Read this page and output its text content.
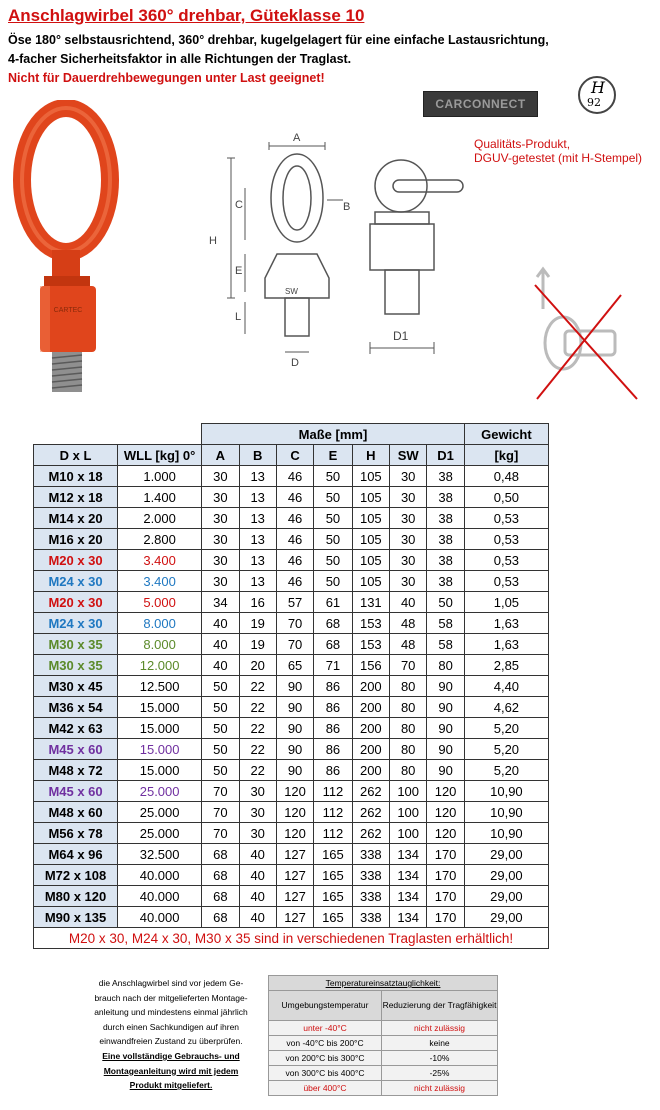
Anschlagwirbel 360° drehbar, Güteklasse 10
Öse 180° selbstausrichtend, 360° drehbar, kugelgelagert für eine einfache Lastausrichtung,
4-facher Sicherheitsfaktor in alle Richtungen der Traglast.
Nicht für Dauerdrehbewegungen unter Last geeignet!
CARCONNECT
H
92
Qualitäts-Produkt,
DGUV-getestet (mit H-Stempel)
CARTEC
A
C	B
H
E
SW
L
D
D1
		Maße [mm]							Gewicht
D x L	WLL [kg] 0°	A	B	C	E	H	SW	D1	[kg]
M10 x 18	1.000	30	13	46	50	105	30	38	0,48
M12 x 18	1.400	30	13	46	50	105	30	38	0,50
M14 x 20	2.000	30	13	46	50	105	30	38	0,53
M16 x 20	2.800	30	13	46	50	105	30	38	0,53
M20 x 30	3.400	30	13	46	50	105	30	38	0,53
M24 x 30	3.400	30	13	46	50	105	30	38	0,53
M20 x 30	5.000	34	16	57	61	131	40	50	1,05
M24 x 30	8.000	40	19	70	68	153	48	58	1,63
M30 x 35	8.000	40	19	70	68	153	48	58	1,63
M30 x 35	12.000	40	20	65	71	156	70	80	2,85
M30 x 45	12.500	50	22	90	86	200	80	90	4,40
M36 x 54	15.000	50	22	90	86	200	80	90	4,62
M42 x 63	15.000	50	22	90	86	200	80	90	5,20
M45 x 60	15.000	50	22	90	86	200	80	90	5,20
M48 x 72	15.000	50	22	90	86	200	80	90	5,20
M45 x 60	25.000	70	30	120	112	262	100	120	10,90
M48 x 60	25.000	70	30	120	112	262	100	120	10,90
M56 x 78	25.000	70	30	120	112	262	100	120	10,90
M64 x 96	32.500	68	40	127	165	338	134	170	29,00
M72 x 108	40.000	68	40	127	165	338	134	170	29,00
M80 x 120	40.000	68	40	127	165	338	134	170	29,00
M90 x 135	40.000	68	40	127	165	338	134	170	29,00
M20 x 30, M24 x 30, M30 x 35 sind in verschiedenen Traglasten erhältlich!									
die Anschlagwirbel sind vor jedem Ge-
brauch nach der mitgelieferten Montage-
anleitung und mindestens einmal jährlich
durch einen Sachkundigen auf ihren
einwandfreien Zustand zu überprüfen.
Eine vollständige Gebrauchs- und
Montageanleitung wird mit jedem
Produkt mitgeliefert.
Temperatureinsatztauglichkeit:	
Umgebungstemperatur	Reduzierung der Tragfähigkeit
unter -40°C	nicht zulässig
von -40°C bis 200°C	keine
von 200°C bis 300°C	-10%
von 300°C bis 400°C	-25%
über 400°C	nicht zulässig
